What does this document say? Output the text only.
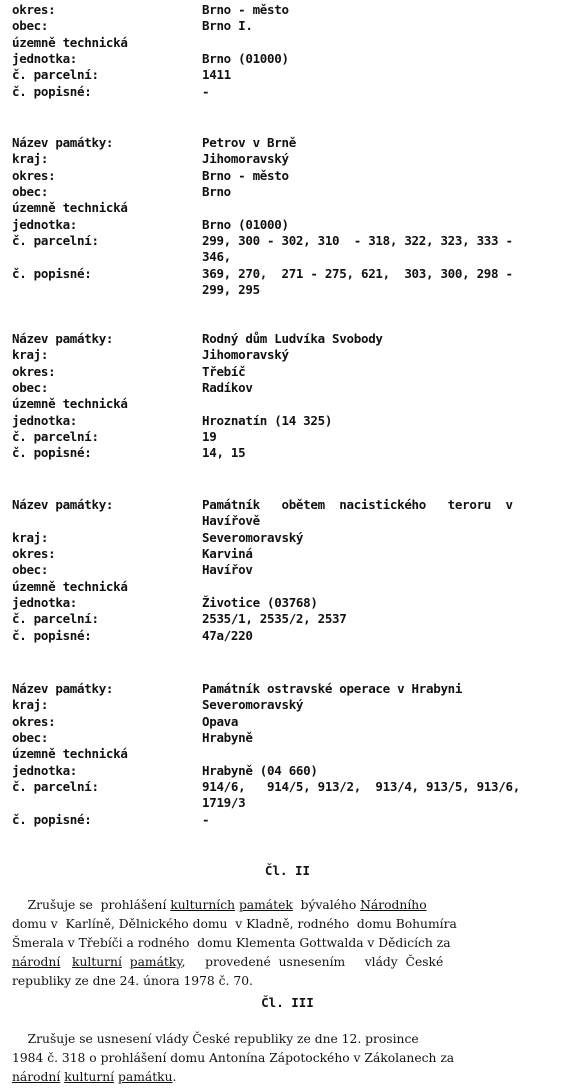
okres:	Brno - město
obec:	Brno I.
územně technická
jednotka:	Brno (01000)
č. parcelní:	1411
č. popisné:	-
Název památky:	Petrov v Brně
kraj:	Jihomoravský
okres:	Brno - město
obec:	Brno
územně technická
jednotka:	Brno (01000)
č. parcelní:	299, 300 - 302, 310  - 318, 322, 323, 333 -
346,
č. popisné:	369, 270,  271 - 275, 621,  303, 300, 298 -
299, 295
Název památky:	Rodný dům Ludvíka Svobody
kraj:	Jihomoravský
okres:	Třebíč
obec:	Radíkov
územně technická
jednotka:	Hroznatín (14 325)
č. parcelní:	19
č. popisné:	14, 15
Název památky:	Památník   obětem  nacistického   teroru  v
Havířově
kraj:	Severomoravský
okres:	Karviná
obec:	Havířov
územně technická
jednotka:	Životice (03768)
č. parcelní:	2535/1, 2535/2, 2537
č. popisné:	47a/220
Název památky:	Památník ostravské operace v Hrabyni
kraj:	Severomoravský
okres:	Opava
obec:	Hrabyně
územně technická
jednotka:	Hrabyně (04 660)
č. parcelní:	914/6,   914/5, 913/2,  913/4, 913/5, 913/6,
1719/3
č. popisné:	-
Čl. II
Zrušuje se  prohlášení kulturních památek  bývalého Národního
domu v  Karlíně, Dělnického domu  v Kladně, rodného  domu Bohumíra
Šmerala v Třebíči a rodného  domu Klementa Gottwalda v Dědicích za
národní kulturní památky,     provedené  usnesením     vlády  České
republiky ze dne 24. února 1978 č. 70.
Čl. III
Zrušuje se usnesení vlády České republiky ze dne 12. prosince
1984 č. 318 o prohlášení domu Antonína Zápotockého v Zákolanech za
národní kulturní památku.
